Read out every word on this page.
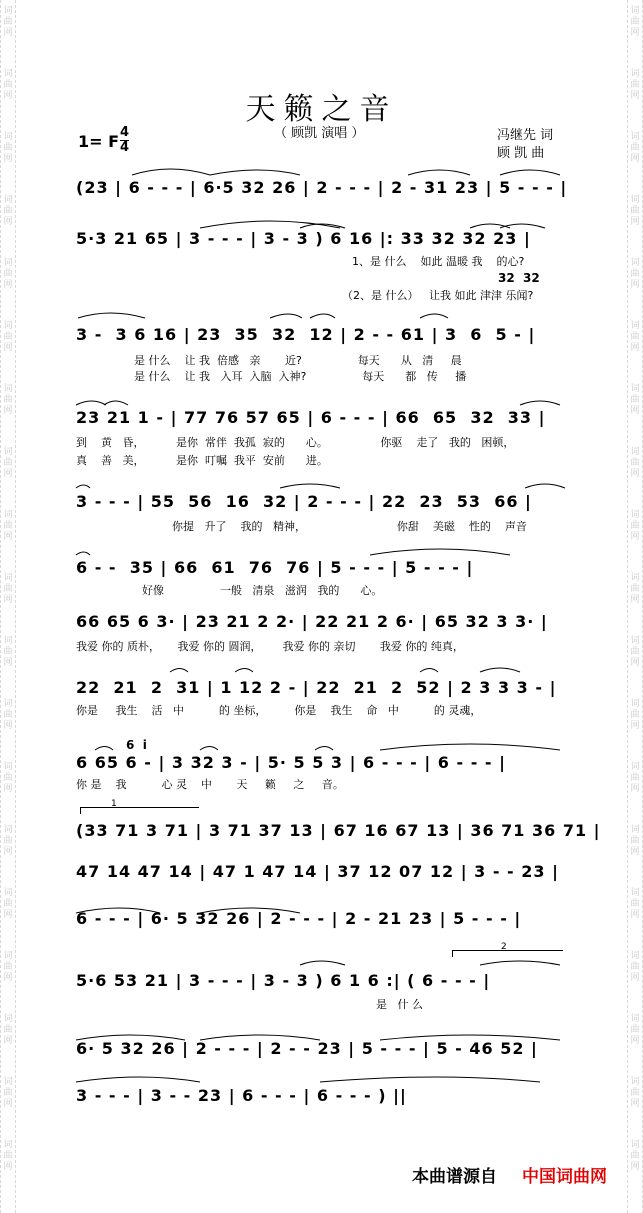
词曲网
词曲网
词曲网
词曲网
词曲网
词曲网
词曲网
词曲网
词曲网
词曲网
词曲网
词曲网
词曲网
词曲网
词曲网
词曲网
词曲网
词曲网
词曲网
词曲网
词曲网
词曲网
词曲网
词曲网
词曲网
词曲网
词曲网
词曲网
词曲网
词曲网
词曲网
词曲网
词曲网
词曲网
词曲网
词曲网
词曲网
词曲网
天籁之音
（ 顾凯 演唱 ）
1= F 4
4
冯继先 词
顾 凯 曲
(23 | 6 - - - | 6·5 32 26 | 2 - - - | 2 - 31 23 | 5 - - - |
5·3 21 65 | 3 - - - | 3 - 3 ) 6 16 |: 33 32 32 23 |
1、是 什么    如此 温暖 我    的心?
32  32
（2、是 什么）   让我 如此 津津 乐闻?
3 -  3 6 16 | 23  35  32  12 | 2 - - 61 | 3  6  5 - |
是 什么    让 我  倍感   亲       近?                每天      从   清     晨
是 什么    让 我   入耳  入脑  入神?                每天      都   传     播
23 21 1 - | 77 76 57 65 | 6 - - - | 66  65  32  33 |
到    黄   昏，         是你  常伴  我孤  寂的      心。               你驱    走了   我的   困顿，
真    善   美，         是你  叮嘱  我平  安前      进。
3 - - - | 55  56  16  32 | 2 - - - | 22  23  53  66 |
你提   升了    我的   精神，                          你甜    美磁    性的    声音
6 - -  35 | 66  61  76  76 | 5 - - - | 5 - - - |
好像                一般   清泉   滋润   我的      心。
66 65 6 3· | 23 21 2 2· | 22 21 2 6· | 65 32 3 3· |
我爱 你的 质朴，     我爱 你的 圆润，      我爱 你的 亲切       我爱 你的 纯真，
22  21  2  31 | 1 12 2 - | 22  21  2  52 | 2 3 3 3 - |
你是     我生    活   中          的 坐标，        你是    我生    命   中          的 灵魂，
6  i
6 65 6 - | 3 32 3 - | 5· 5 5 3 | 6 - - - | 6 - - - |
你 是    我          心 灵    中       天     籁     之     音。
1
(33 71 3 71 | 3 71 37 13 | 67 16 67 13 | 36 71 36 71 |
47 14 47 14 | 47 1 47 14 | 37 12 07 12 | 3 - - 23 |
6 - - - | 6· 5 32 26 | 2 - - - | 2 - 21 23 | 5 - - - |
2
5·6 53 21 | 3 - - - | 3 - 3 ) 6 1 6 :| ( 6 - - - |
是   什 么
6· 5 32 26 | 2 - - - | 2 - - 23 | 5 - - - | 5 - 46 52 |
3 - - - | 3 - - 23 | 6 - - - | 6 - - - ) ||
本曲谱源自 中国词曲网
